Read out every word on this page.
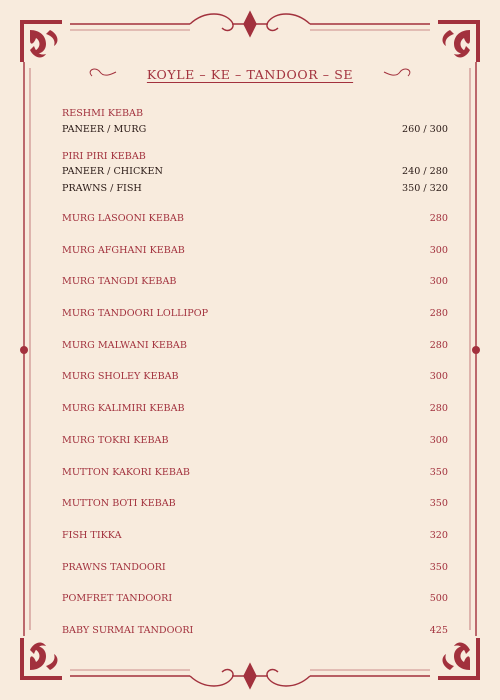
KOYLE – KE – TANDOOR – SE
RESHMI KEBAB
PANEER / MURG	260 / 300
PIRI PIRI KEBAB
PANEER / CHICKEN	240 / 280
PRAWNS / FISH	350 / 320
MURG LASOONI KEBAB	280
MURG AFGHANI KEBAB	300
MURG TANGDI KEBAB	300
MURG TANDOORI LOLLIPOP	280
MURG MALWANI KEBAB	280
MURG SHOLEY KEBAB	300
MURG KALIMIRI KEBAB	280
MURG TOKRI KEBAB	300
MUTTON KAKORI KEBAB	350
MUTTON BOTI KEBAB	350
FISH TIKKA	320
PRAWNS TANDOORI	350
POMFRET TANDOORI	500
BABY SURMAI TANDOORI	425
